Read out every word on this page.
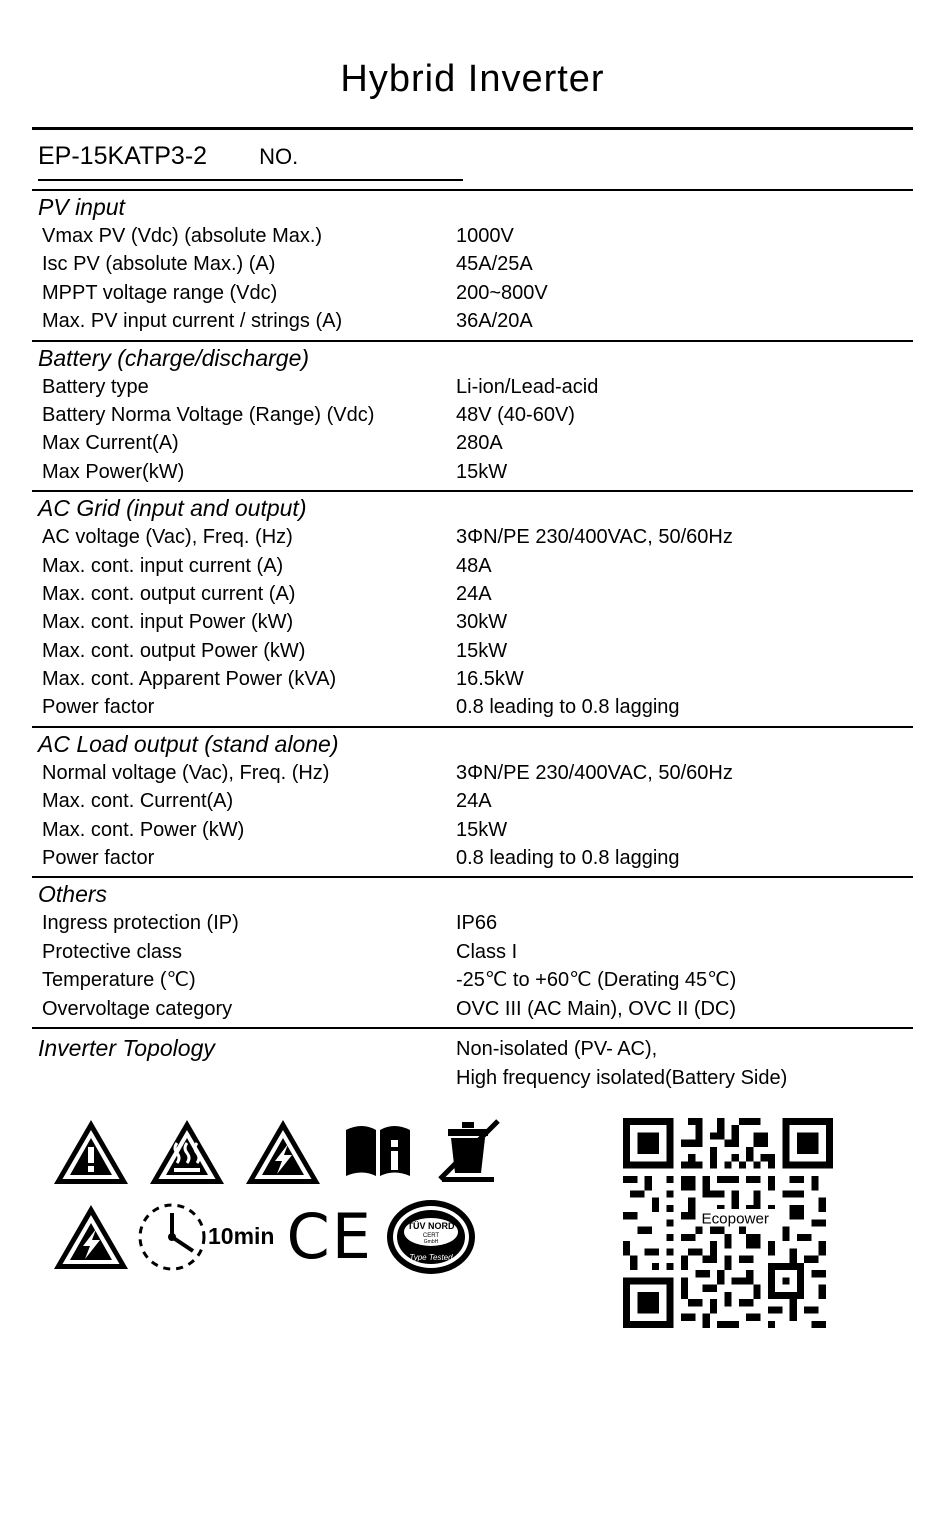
Hybrid Inverter
EP-15KATP3-2 NO.
PV input
Vmax PV (Vdc) (absolute Max.)	1000V
Isc PV (absolute Max.) (A)	45A/25A
MPPT voltage range (Vdc)	200~800V
Max. PV input current / strings (A)	36A/20A
Battery (charge/discharge)
Battery type	Li-ion/Lead-acid
Battery Norma Voltage (Range) (Vdc)	48V (40-60V)
Max Current(A)	280A
Max Power(kW)	15kW
AC Grid (input and output)
AC voltage (Vac), Freq. (Hz)	3ΦN/PE 230/400VAC, 50/60Hz
Max. cont. input current (A)	48A
Max. cont. output current (A)	24A
Max. cont. input Power (kW)	30kW
Max. cont. output Power (kW)	15kW
Max. cont. Apparent Power (kVA)	16.5kW
Power factor	0.8 leading to 0.8 lagging
AC Load output (stand alone)
Normal voltage (Vac), Freq. (Hz)	3ΦN/PE 230/400VAC, 50/60Hz
Max. cont. Current(A)	24A
Max. cont. Power (kW)	15kW
Power factor	0.8 leading to 0.8 lagging
Others
Ingress protection (IP)	IP66
Protective class	Class I
Temperature (℃)	-25℃ to +60℃ (Derating 45℃)
Overvoltage category	OVC III (AC Main), OVC II (DC)
Inverter Topology	Non-isolated (PV- AC),
High frequency isolated(Battery Side)
10min CE	TÜV NORD
CERT
GmbH
Type Tested
Ecopower
